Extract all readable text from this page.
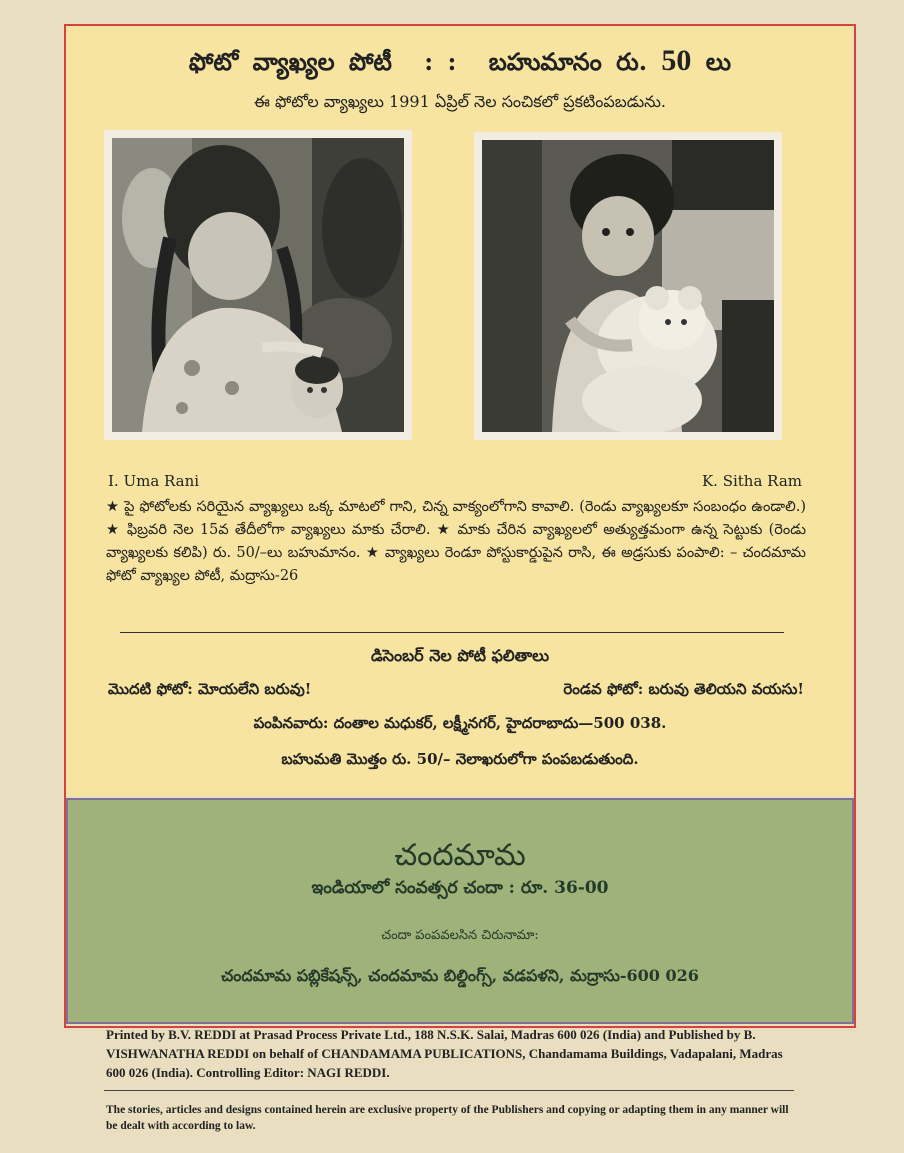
ఫోటో వ్యాఖ్యల పోటీ : : బహుమానం రు. 50 లు
ఈ ఫోటోల వ్యాఖ్యలు 1991 ఏప్రిల్ నెల సంచికలో ప్రకటింపబడును.
I. Uma Rani	K. Sitha Ram
★ పై ఫోటోలకు సరియైన వ్యాఖ్యలు ఒక్క మాటలో గాని, చిన్న వాక్యంలోగాని కావాలి. (రెండు వ్యాఖ్యలకూ సంబంధం ఉండాలి.) ★ ఫిబ్రవరి నెల 15వ తేదీలోగా వ్యాఖ్యలు మాకు చేరాలి. ★ మాకు చేరిన వ్యాఖ్యలలో అత్యుత్తమంగా ఉన్న సెట్టుకు (రెండు వ్యాఖ్యలకు కలిపి) రు. 50/–లు బహుమానం. ★ వ్యాఖ్యలు రెండూ పోస్టుకార్డుపైన రాసి, ఈ అడ్రసుకు పంపాలి: – చందమామ ఫోటో వ్యాఖ్యల పోటీ, మద్రాసు-26
డిసెంబర్ నెల పోటీ ఫలితాలు
మొదటి ఫోటో: మోయలేని బరువు!	రెండవ ఫోటో: బరువు తెలియని వయసు!
పంపినవారు: దంతాల మధుకర్, లక్ష్మీనగర్, హైదరాబాదు—500 038.
బహుమతి మొత్తం రు. 50/– నెలాఖరులోగా పంపబడుతుంది.
చందమామ
ఇండియాలో సంవత్సర చందా : రూ. 36-00
చందా పంపవలసిన చిరునామా:
చందమామ పబ్లికేషన్స్, చందమామ బిల్డింగ్స్, వడపళని, మద్రాసు-600 026
Printed by B.V. REDDI at Prasad Process Private Ltd., 188 N.S.K. Salai, Madras 600 026 (India) and Published by B. VISHWANATHA REDDI on behalf of CHANDAMAMA PUBLICATIONS, Chandamama Buildings, Vadapalani, Madras 600 026 (India). Controlling Editor: NAGI REDDI.
The stories, articles and designs contained herein are exclusive property of the Publishers and copying or adapting them in any manner will be dealt with according to law.
